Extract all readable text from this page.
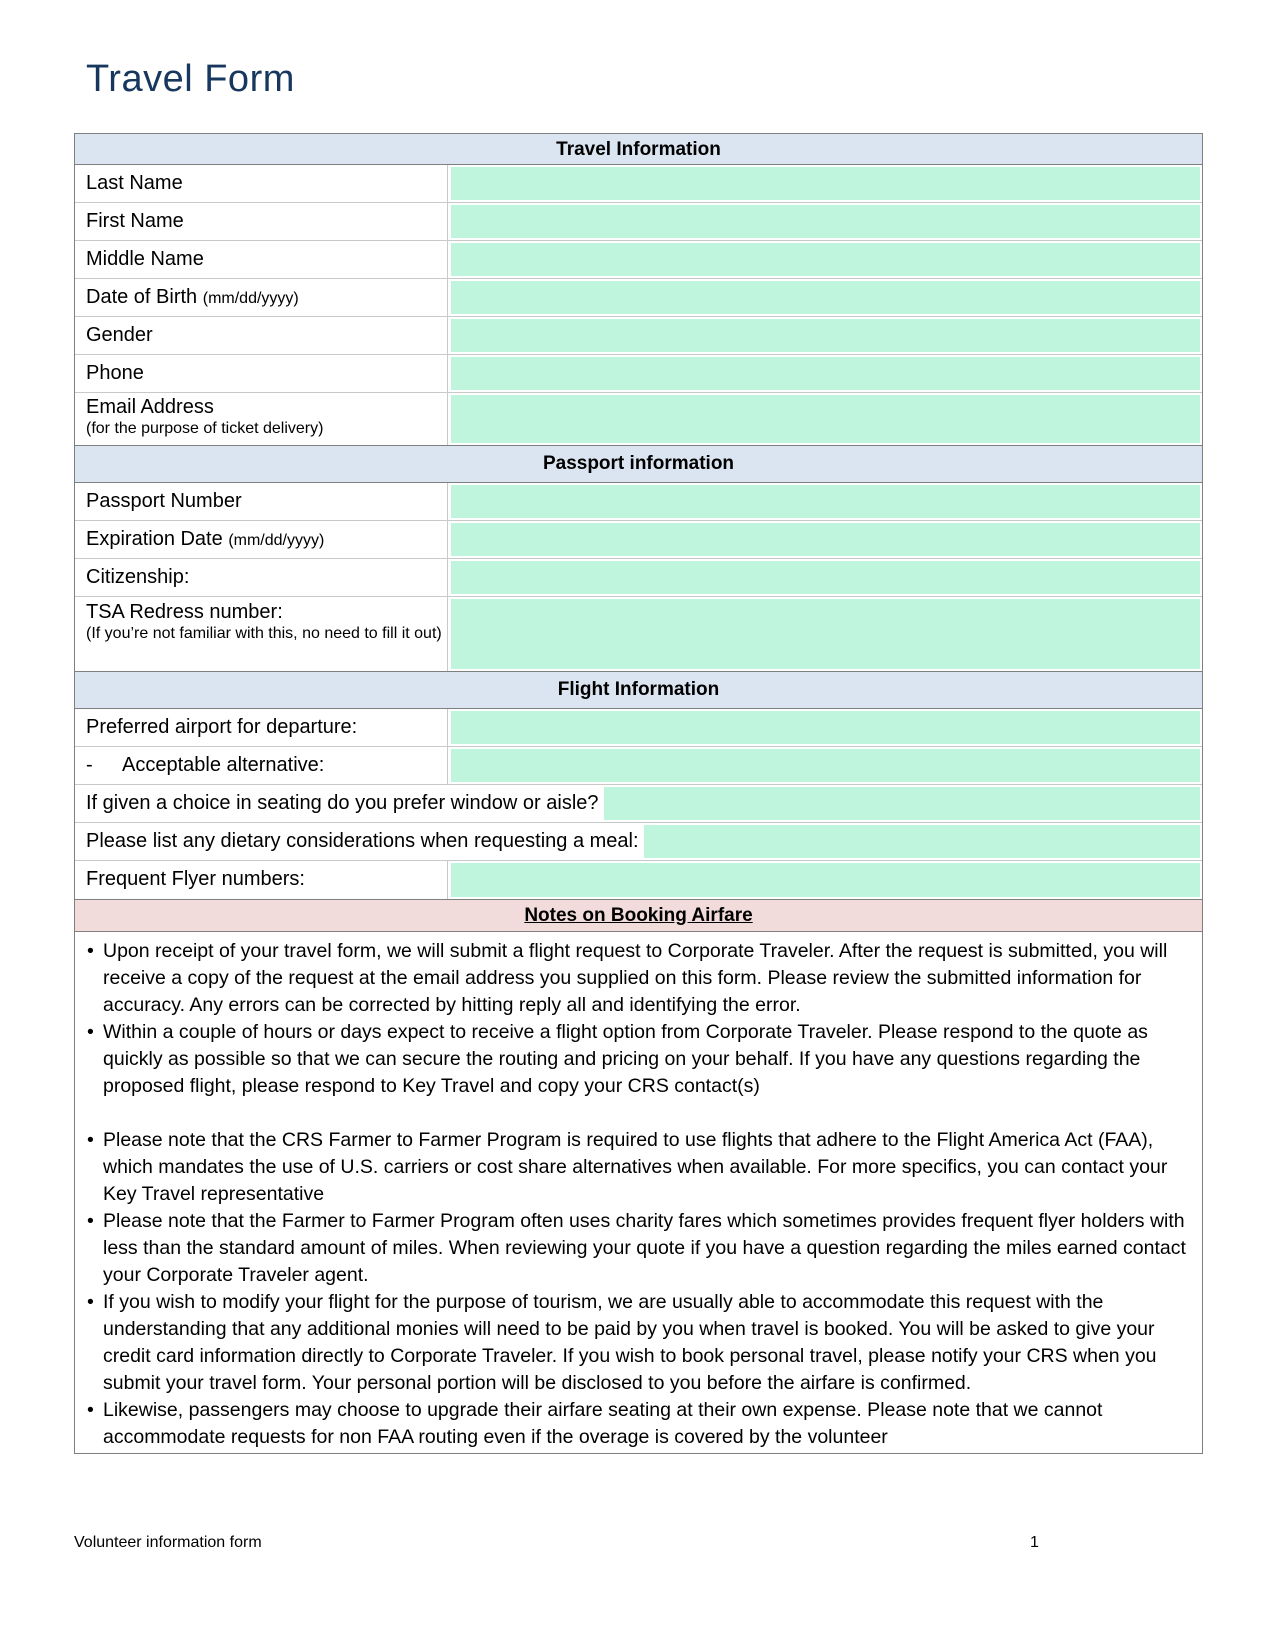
Travel Form
Travel Information
Last Name
First Name
Middle Name
Date of Birth (mm/dd/yyyy)
Gender
Phone
Email Address
(for the purpose of ticket delivery)
Passport information
Passport Number
Expiration Date (mm/dd/yyyy)
Citizenship:
TSA Redress number:
(If you’re not familiar with this, no need to fill it out)
Flight Information
Preferred airport for departure:
- Acceptable alternative:
If given a choice in seating do you prefer window or aisle?
Please list any dietary considerations when requesting a meal:
Frequent Flyer numbers:
Notes on Booking Airfare
• Upon receipt of your travel form, we will submit a flight request to Corporate Traveler. After the request is submitted, you will receive a copy of the request at the email address you supplied on this form. Please review the submitted information for accuracy. Any errors can be corrected by hitting reply all and identifying the error.
• Within a couple of hours or days expect to receive a flight option from Corporate Traveler. Please respond to the quote as quickly as possible so that we can secure the routing and pricing on your behalf. If you have any questions regarding the proposed flight, please respond to Key Travel and copy your CRS contact(s)
• Please note that the CRS Farmer to Farmer Program is required to use flights that adhere to the Flight America Act (FAA), which mandates the use of U.S. carriers or cost share alternatives when available. For more specifics, you can contact your Key Travel representative
• Please note that the Farmer to Farmer Program often uses charity fares which sometimes provides frequent flyer holders with less than the standard amount of miles. When reviewing your quote if you have a question regarding the miles earned contact your Corporate Traveler agent.
• If you wish to modify your flight for the purpose of tourism, we are usually able to accommodate this request with the understanding that any additional monies will need to be paid by you when travel is booked. You will be asked to give your credit card information directly to Corporate Traveler. If you wish to book personal travel, please notify your CRS when you submit your travel form. Your personal portion will be disclosed to you before the airfare is confirmed.
• Likewise, passengers may choose to upgrade their airfare seating at their own expense. Please note that we cannot accommodate requests for non FAA routing even if the overage is covered by the volunteer
Volunteer information form	1
